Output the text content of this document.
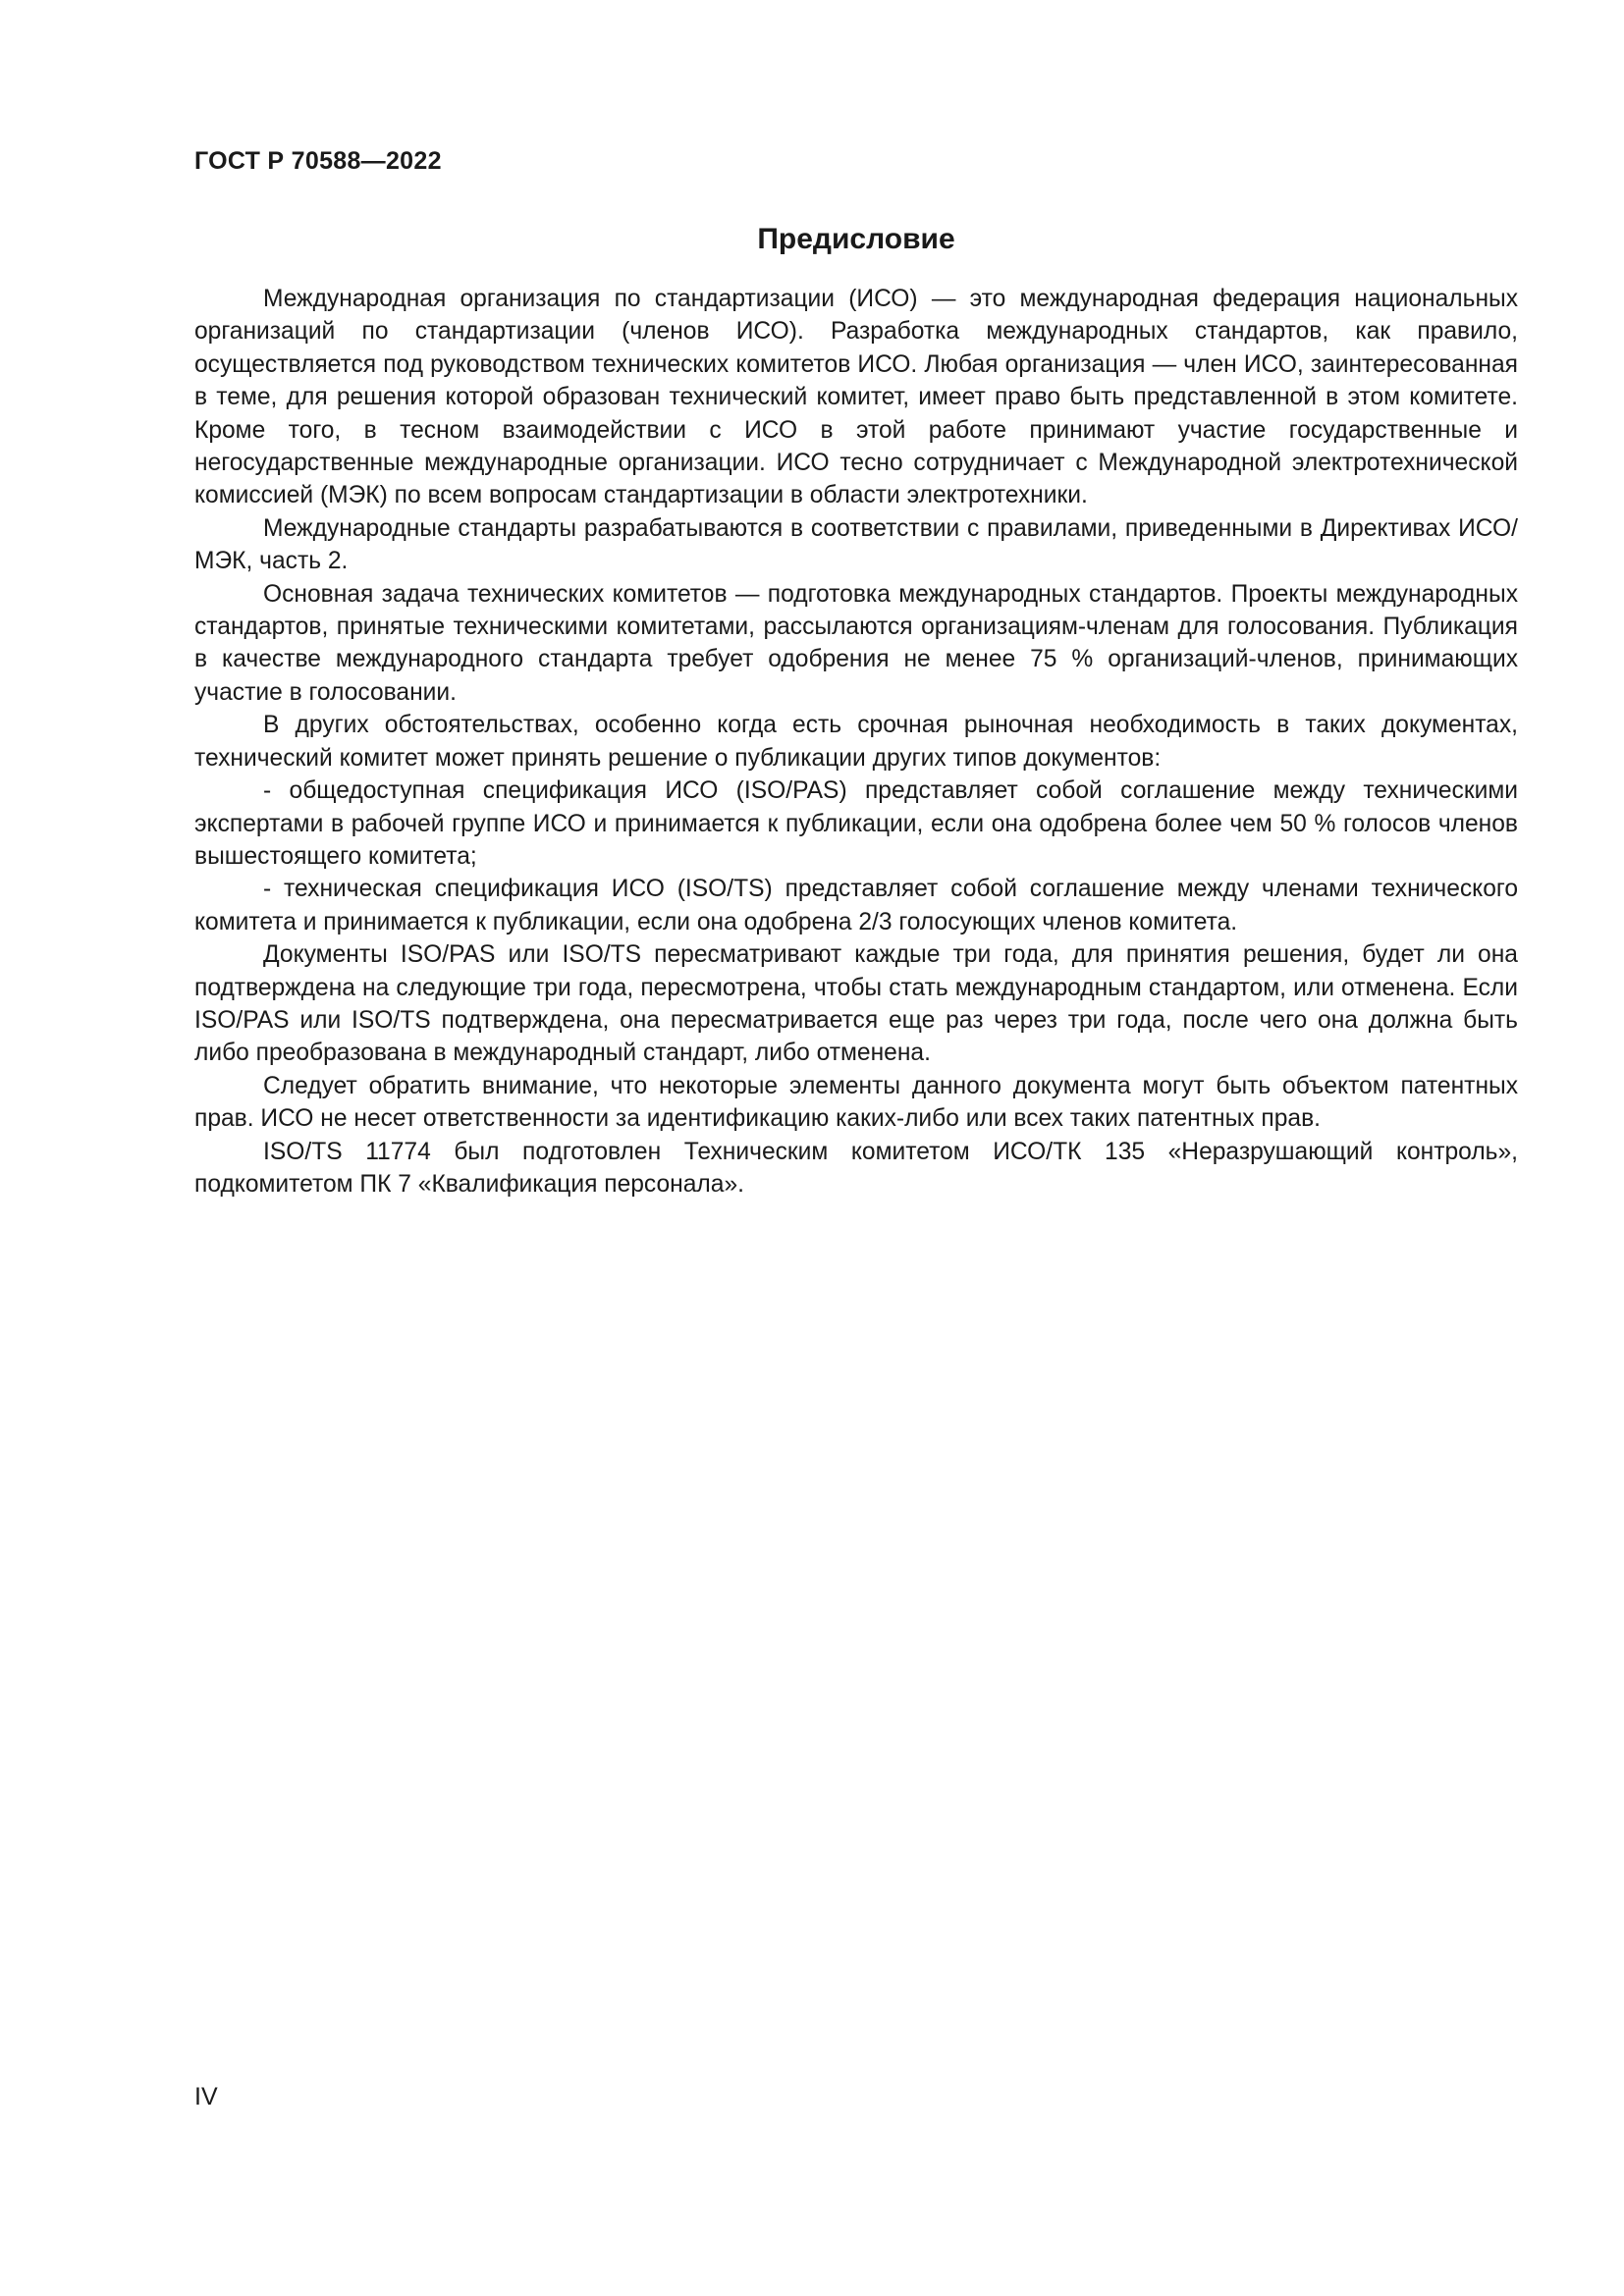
ГОСТ Р 70588—2022
Предисловие

Международная организация по стандартизации (ИСО) — это международная федерация национальных организаций по стандартизации (членов ИСО). Разработка международных стандартов, как правило, осуществляется под руководством технических комитетов ИСО. Любая организация — член ИСО, заинтересованная в теме, для решения которой образован технический комитет, имеет право быть представленной в этом комитете. Кроме того, в тесном взаимодействии с ИСО в этой работе принимают участие государственные и негосударственные международные организации. ИСО тесно сотрудничает с Международной электротехнической комиссией (МЭК) по всем вопросам стандартизации в области электротехники.

Международные стандарты разрабатываются в соответствии с правилами, приведенными в Директивах ИСО/МЭК, часть 2.

Основная задача технических комитетов — подготовка международных стандартов. Проекты международных стандартов, принятые техническими комитетами, рассылаются организациям-членам для голосования. Публикация в качестве международного стандарта требует одобрения не менее 75 % организаций-членов, принимающих участие в голосовании.

В других обстоятельствах, особенно когда есть срочная рыночная необходимость в таких документах, технический комитет может принять решение о публикации других типов документов:

- общедоступная спецификация ИСО (ISO/PAS) представляет собой соглашение между техническими экспертами в рабочей группе ИСО и принимается к публикации, если она одобрена более чем 50 % голосов членов вышестоящего комитета;

- техническая спецификация ИСО (ISO/TS) представляет собой соглашение между членами технического комитета и принимается к публикации, если она одобрена 2/3 голосующих членов комитета.

Документы ISO/PAS или ISO/TS пересматривают каждые три года, для принятия решения, будет ли она подтверждена на следующие три года, пересмотрена, чтобы стать международным стандартом, или отменена. Если ISO/PAS или ISO/TS подтверждена, она пересматривается еще раз через три года, после чего она должна быть либо преобразована в международный стандарт, либо отменена.

Следует обратить внимание, что некоторые элементы данного документа могут быть объектом патентных прав. ИСО не несет ответственности за идентификацию каких-либо или всех таких патентных прав.

ISO/TS 11774 был подготовлен Техническим комитетом ИСО/ТК 135 «Неразрушающий контроль», подкомитетом ПК 7 «Квалификация персонала».

IV
